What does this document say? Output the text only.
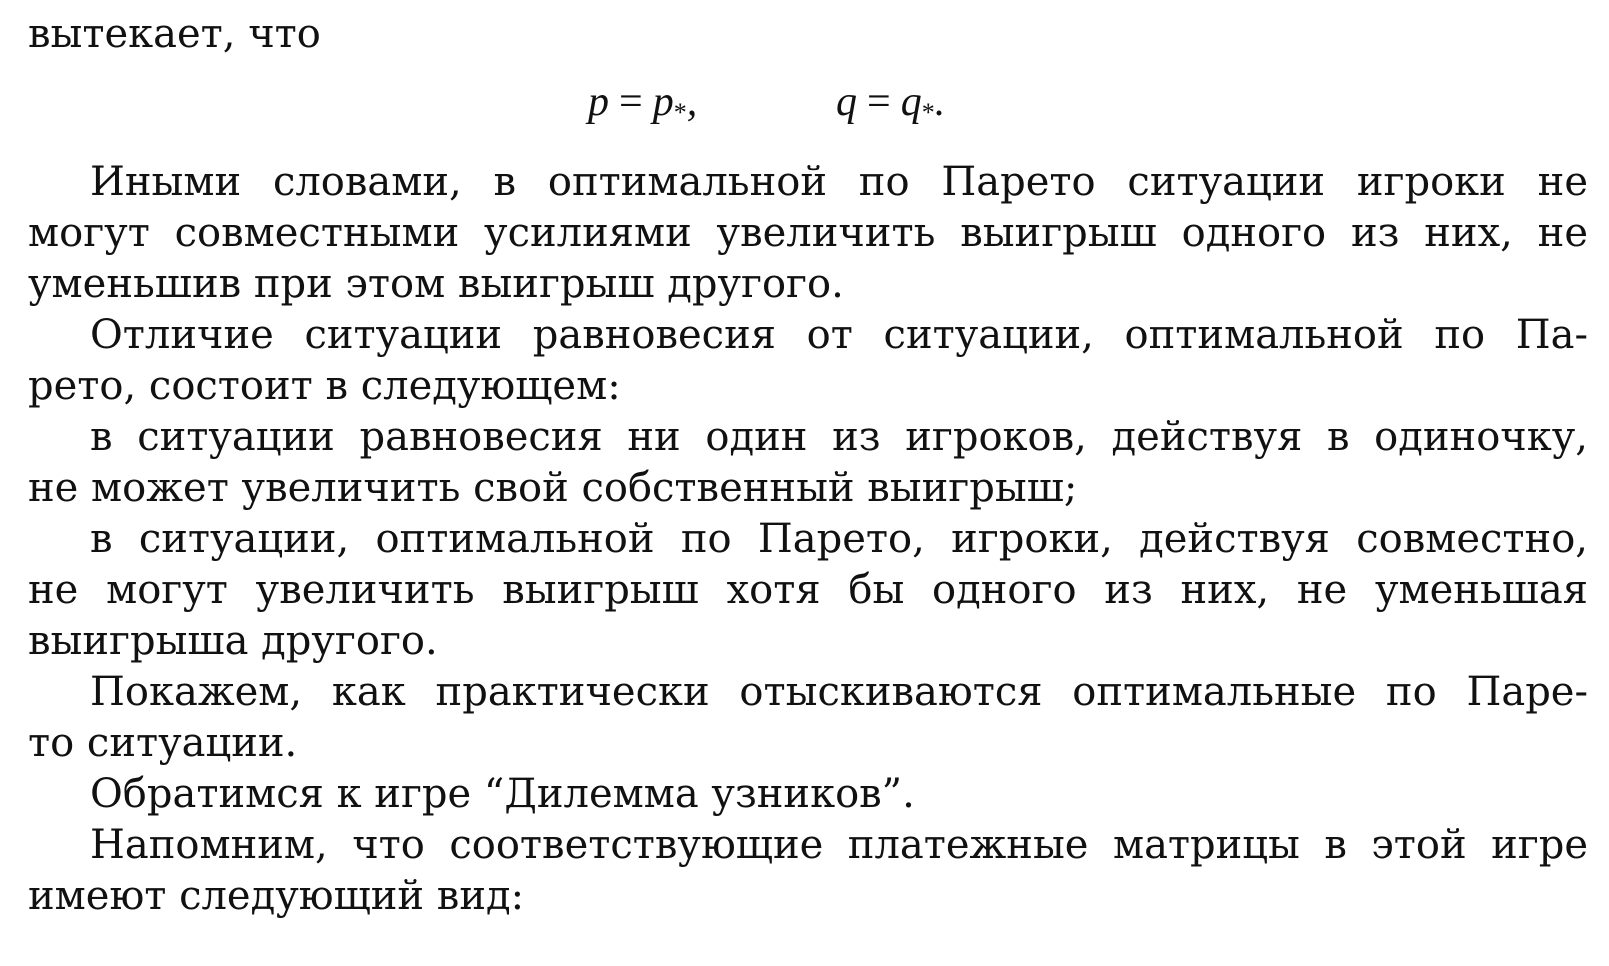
вытекает, что
$p = p_*$,	$q = q_*$.
Иными словами, в оптимальной по Парето ситуации игроки не
могут совместными усилиями увеличить выигрыш одного из них, не
уменьшив при этом выигрыш другого.
Отличие ситуации равновесия от ситуации, оптимальной по Па-
рето, состоит в следующем:
в ситуации равновесия ни один из игроков, действуя в одиночку,
не может увеличить свой собственный выигрыш;
в ситуации, оптимальной по Парето, игроки, действуя совместно,
не могут увеличить выигрыш хотя бы одного из них, не уменьшая
выигрыша другого.
Покажем, как практически отыскиваются оптимальные по Паре-
то ситуации.
Обратимся к игре “Дилемма узников”.
Напомним, что соответствующие платежные матрицы в этой игре
имеют следующий вид:
